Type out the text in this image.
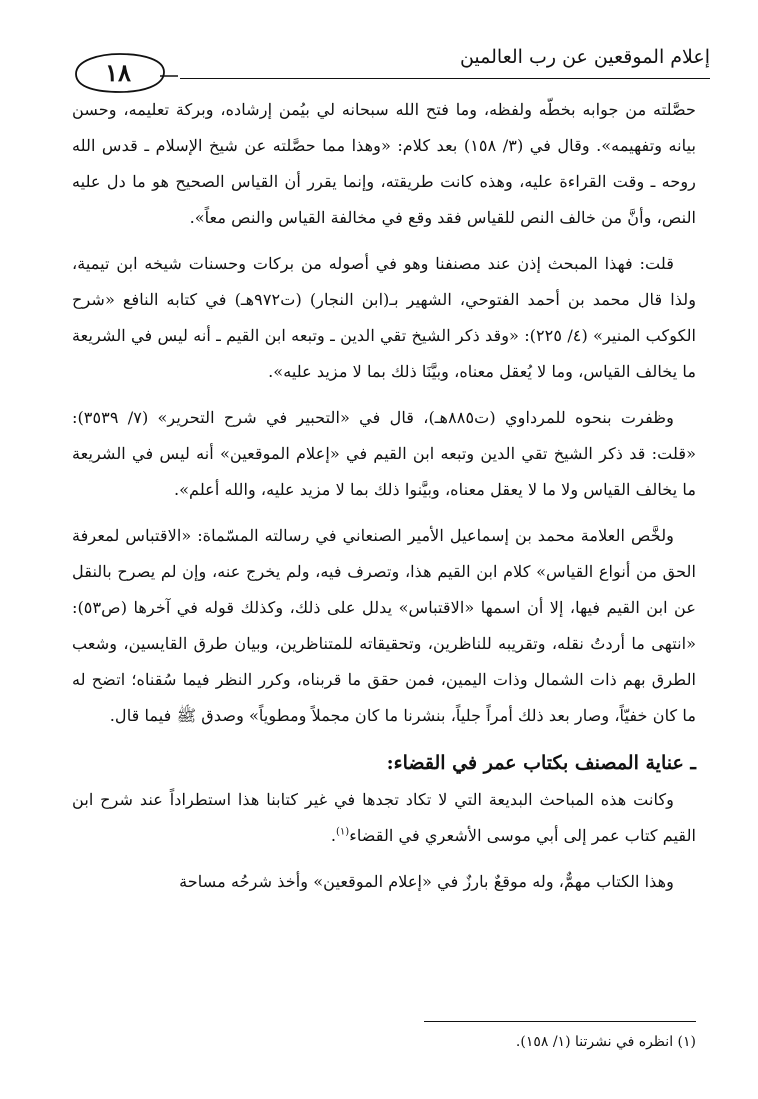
١٨
إعلام الموقعين عن رب العالمين

حصَّلته من جوابه بخطّه ولفظه، وما فتح الله سبحانه لي بيُمن إرشاده، وبركة تعليمه، وحسن بيانه وتفهيمه». وقال في (٣/ ١٥٨) بعد كلام: «وهذا مما حصَّلته عن شيخ الإسلام ـ قدس الله روحه ـ وقت القراءة عليه، وهذه كانت طريقته، وإنما يقرر أن القياس الصحيح هو ما دل عليه النص، وأنَّ من خالف النص للقياس فقد وقع في مخالفة القياس والنص معاً».

قلت: فهذا المبحث إذن عند مصنفنا وهو في أصوله من بركات وحسنات شيخه ابن تيمية، ولذا قال محمد بن أحمد الفتوحي، الشهير بـ(ابن النجار) (ت٩٧٢هـ) في كتابه النافع «شرح الكوكب المنير» (٤/ ٢٢٥): «وقد ذكر الشيخ تقي الدين ـ وتبعه ابن القيم ـ أنه ليس في الشريعة ما يخالف القياس، وما لا يُعقل معناه، وبيَّنَا ذلك بما لا مزيد عليه».

وظفرت بنحوه للمرداوي (ت٨٨٥هـ)، قال في «التحبير في شرح التحرير» (٧/ ٣٥٣٩): «قلت: قد ذكر الشيخ تقي الدين وتبعه ابن القيم في «إعلام الموقعين» أنه ليس في الشريعة ما يخالف القياس ولا ما لا يعقل معناه، وبيَّنوا ذلك بما لا مزيد عليه، والله أعلم».

ولخَّص العلامة محمد بن إسماعيل الأمير الصنعاني في رسالته المسّماة: «الاقتباس لمعرفة الحق من أنواع القياس» كلام ابن القيم هذا، وتصرف فيه، ولم يخرج عنه، وإن لم يصرح بالنقل عن ابن القيم فيها، إلا أن اسمها «الاقتباس» يدلل على ذلك، وكذلك قوله في آخرها (ص٥٣): «انتهى ما أردتُ نقله، وتقريبه للناظرين، وتحقيقاته للمتناظرين، وبيان طرق القايسين، وشعب الطرق بهم ذات الشمال وذات اليمين، فمن حقق ما قربناه، وكرر النظر فيما سُقناه؛ اتضح له ما كان خفيّاً، وصار بعد ذلك أمراً جلياً، بنشرنا ما كان مجملاً ومطوياً» وصدق ﷺ فيما قال.

ـ عناية المصنف بكتاب عمر في القضاء:

وكانت هذه المباحث البديعة التي لا تكاد تجدها في غير كتابنا هذا استطراداً عند شرح ابن القيم كتاب عمر إلى أبي موسى الأشعري في القضاء$^{(١)}$.

وهذا الكتاب مهمٌّ، وله موقعٌ بارزٌ في «إعلام الموقعين» وأخذ شرحُه مساحة

(١) انظره في نشرتنا (١/ ١٥٨).
